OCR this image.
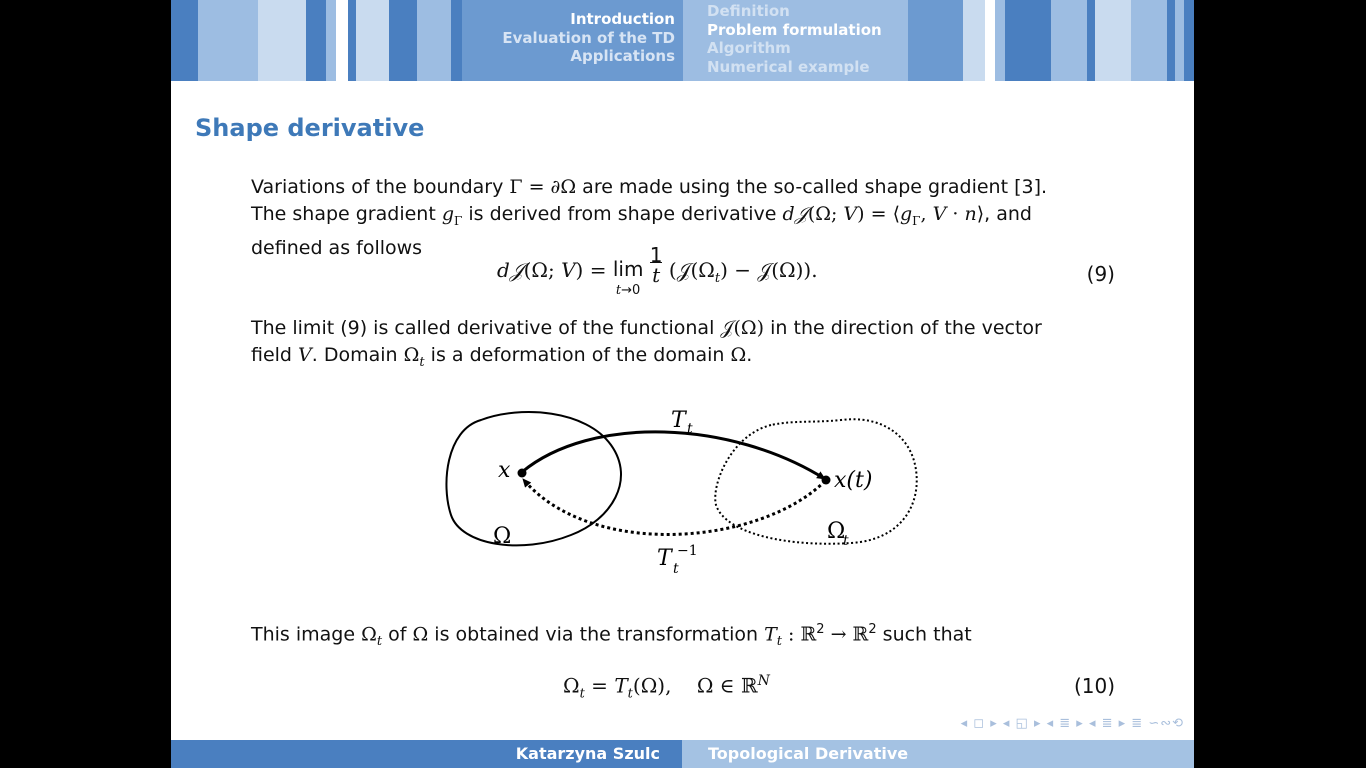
Introduction
Evaluation of the TD
Applications
Definition
Problem formulation
Algorithm
Numerical example
Shape derivative
Variations of the boundary Γ = ∂Ω are made using the so-called shape gradient [3].
The shape gradient $g_\Gamma$ is derived from shape derivative d𝒥(Ω; $V) = ⟨g_\Gamma$, V · n⟩, and
defined as follows
d𝒥(Ω; V) = lim
$t\to 0 \frac{1}{t}$ ($𝒥(\Omega_t)$ − 𝒥(Ω)).	(9)
The limit (9) is called derivative of the functional 𝒥(Ω) in the direction of the vector
field V. Domain $\Omega_t$ is a deformation of the domain Ω.
x	x(t)
T t
T t
−1
Ω	Ω
t
This image $\Omega_t$ of Ω is obtained via the transformation $T_t$ : ℝ$^2$ → ℝ$^2$ such that
$\Omega_t = T_t(\Omega)$,    Ω ∈ ℝ$^N$	(10)
◂ ◻ ▸ ◂ ◱ ▸ ◂ ≣ ▸ ◂ ≣ ▸ ≣ ∽∾⟲
Katarzyna Szulc	Topological Derivative
